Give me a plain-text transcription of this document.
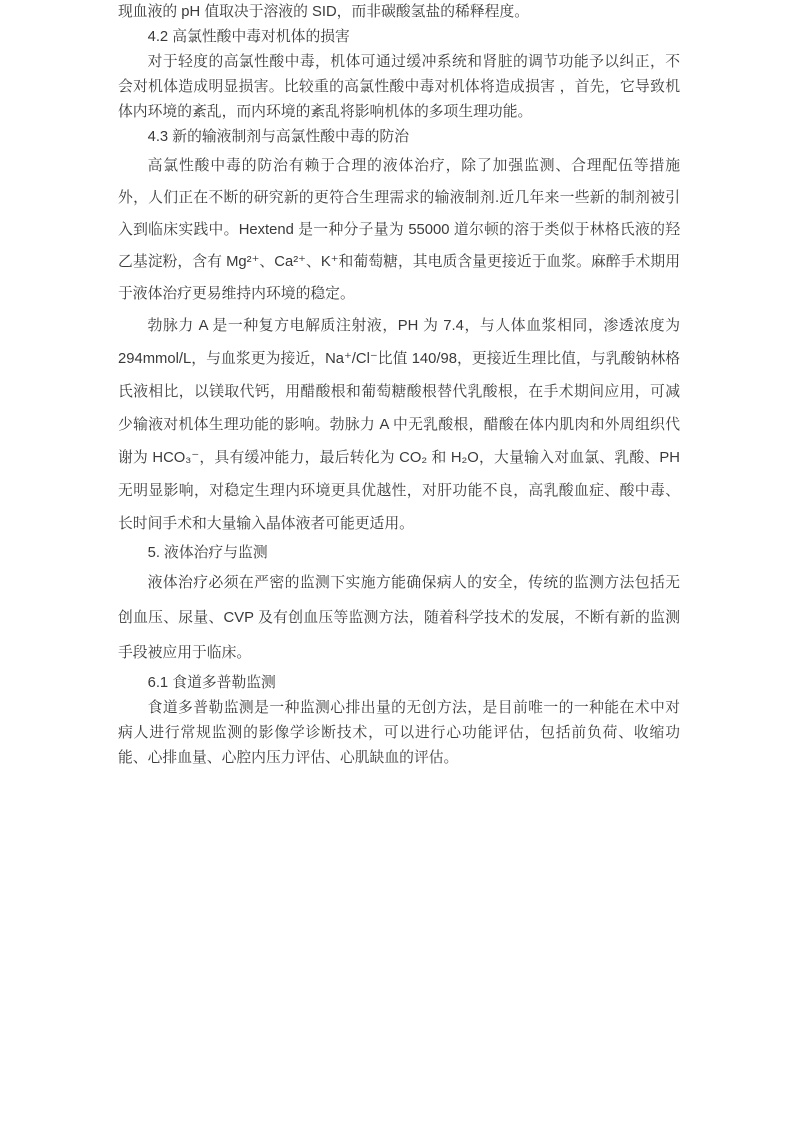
现血液的 pH 值取决于溶液的 SID，而非碳酸氢盐的稀释程度。

4.2 高氯性酸中毒对机体的损害

对于轻度的高氯性酸中毒，机体可通过缓冲系统和肾脏的调节功能予以纠正，不会对机体造成明显损害。比较重的高氯性酸中毒对机体将造成损害 ，首先，它导致机体内环境的紊乱，而内环境的紊乱将影响机体的多项生理功能。

4.3 新的输液制剂与高氯性酸中毒的防治

高氯性酸中毒的防治有赖于合理的液体治疗，除了加强监测、合理配伍等措施外，人们正在不断的研究新的更符合生理需求的输液制剂.近几年来一些新的制剂被引入到临床实践中。Hextend 是一种分子量为 55000 道尔顿的溶于类似于林格氏液的羟乙基淀粉，含有 Mg²⁺、Ca²⁺、K⁺和葡萄糖，其电质含量更接近于血浆。麻醉手术期用于液体治疗更易维持内环境的稳定。

勃脉力 A 是一种复方电解质注射液，PH 为 7.4，与人体血浆相同，渗透浓度为 294mmol/L，与血浆更为接近，Na⁺/Cl⁻比值 140/98，更接近生理比值，与乳酸钠林格氏液相比，以镁取代钙，用醋酸根和葡萄糖酸根替代乳酸根，在手术期间应用，可减少输液对机体生理功能的影响。勃脉力 A 中无乳酸根，醋酸在体内肌肉和外周组织代谢为 HCO₃⁻，具有缓冲能力，最后转化为 CO₂ 和 H₂O，大量输入对血氯、乳酸、PH 无明显影响，对稳定生理内环境更具优越性，对肝功能不良，高乳酸血症、酸中毒、长时间手术和大量输入晶体液者可能更适用。

5. 液体治疗与监测

液体治疗必须在严密的监测下实施方能确保病人的安全，传统的监测方法包括无创血压、尿量、CVP 及有创血压等监测方法，随着科学技术的发展，不断有新的监测手段被应用于临床。

6.1 食道多普勒监测

食道多普勒监测是一种监测心排出量的无创方法，是目前唯一的一种能在术中对病人进行常规监测的影像学诊断技术，可以进行心功能评估，包括前负荷、收缩功能、心排血量、心腔内压力评估、心肌缺血的评估。
